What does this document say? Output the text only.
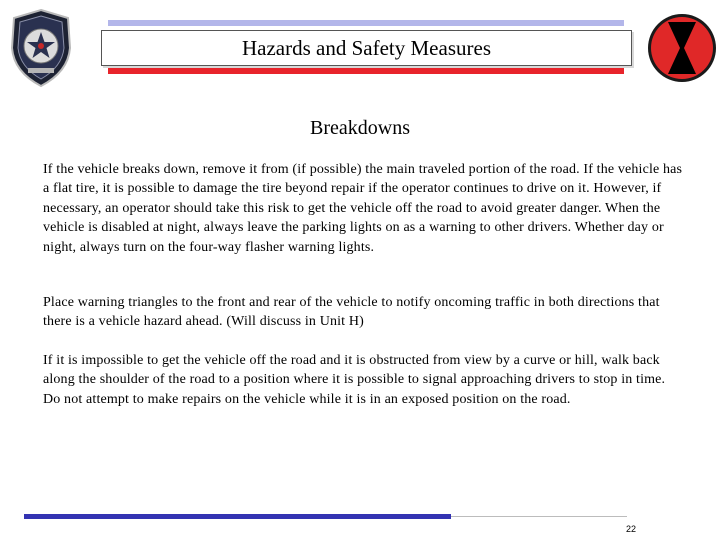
Hazards and Safety Measures
Breakdowns

If the vehicle breaks down, remove it from (if possible) the main traveled portion of the road. If the vehicle has a flat tire, it is possible to damage the tire beyond repair if the operator continues to drive on it. However, if necessary, an operator should take this risk to get the vehicle off the road to avoid greater danger. When the vehicle is disabled at night, always leave the parking lights on as a warning to other drivers. Whether day or night, always turn on the four-way flasher warning lights.

Place warning triangles to the front and rear of the vehicle to notify oncoming traffic in both directions that there is a vehicle hazard ahead. (Will discuss in Unit H)

If it is impossible to get the vehicle off the road and it is obstructed from view by a curve or hill, walk back along the shoulder of the road to a position where it is possible to signal approaching drivers to stop in time. Do not attempt to make repairs on the vehicle while it is in an exposed position on the road.

22
